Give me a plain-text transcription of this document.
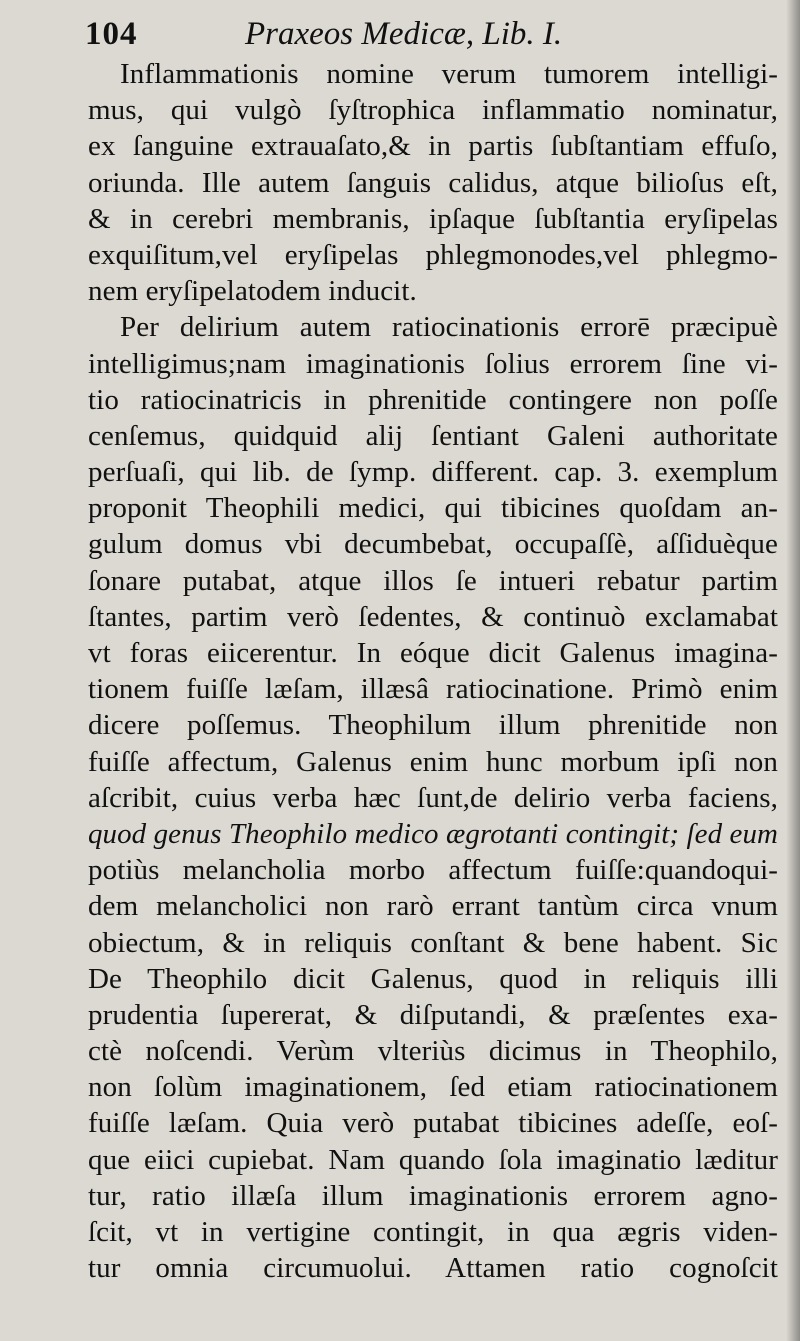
104	Praxeos Medicæ, Lib. I.
Inflammationis nomine verum tumorem intelligi-
mus, qui vulgò ſyſtrophica inflammatio nominatur,
ex ſanguine extrauaſato,& in partis ſubſtantiam effuſo,
oriunda. Ille autem ſanguis calidus, atque bilioſus eſt,
& in cerebri membranis, ipſaque ſubſtantia eryſipelas
exquiſitum,vel eryſipelas phlegmonodes,vel phlegmo-
nem eryſipelatodem inducit.
Per delirium autem ratiocinationis errorē præcipuè
intelligimus;nam imaginationis ſolius errorem ſine vi-
tio ratiocinatricis in phrenitide contingere non poſſe
cenſemus, quidquid alij ſentiant Galeni authoritate
perſuaſi, qui lib. de ſymp. different. cap. 3. exemplum
proponit Theophili medici, qui tibicines quoſdam an-
gulum domus vbi decumbebat, occupaſſè, aſſiduèque
ſonare putabat, atque illos ſe intueri rebatur partim
ſtantes, partim verò ſedentes, & continuò exclamabat
vt foras eiicerentur. In eóque dicit Galenus imagina-
tionem fuiſſe læſam, illæsâ ratiocinatione. Primò enim
dicere poſſemus. Theophilum illum phrenitide non
fuiſſe affectum, Galenus enim hunc morbum ipſi non
aſcribit, cuius verba hæc ſunt,de delirio verba faciens,
quod genus Theophilo medico ægrotanti contingit; ſed eum
potiùs melancholia morbo affectum fuiſſe:quandoqui-
dem melancholici non rarò errant tantùm circa vnum
obiectum, & in reliquis conſtant & bene habent. Sic
De Theophilo dicit Galenus, quod in reliquis illi
prudentia ſupererat, & diſputandi, & præſentes exa-
ctè noſcendi. Verùm vlteriùs dicimus in Theophilo,
non ſolùm imaginationem, ſed etiam ratiocinationem
fuiſſe læſam. Quia verò putabat tibicines adeſſe, eoſ-
que eiici cupiebat. Nam quando ſola imaginatio læditur
tur, ratio illæſa illum imaginationis errorem agno-
ſcit, vt in vertigine contingit, in qua ægris viden-
tur omnia circumuolui. Attamen ratio cognoſcit
